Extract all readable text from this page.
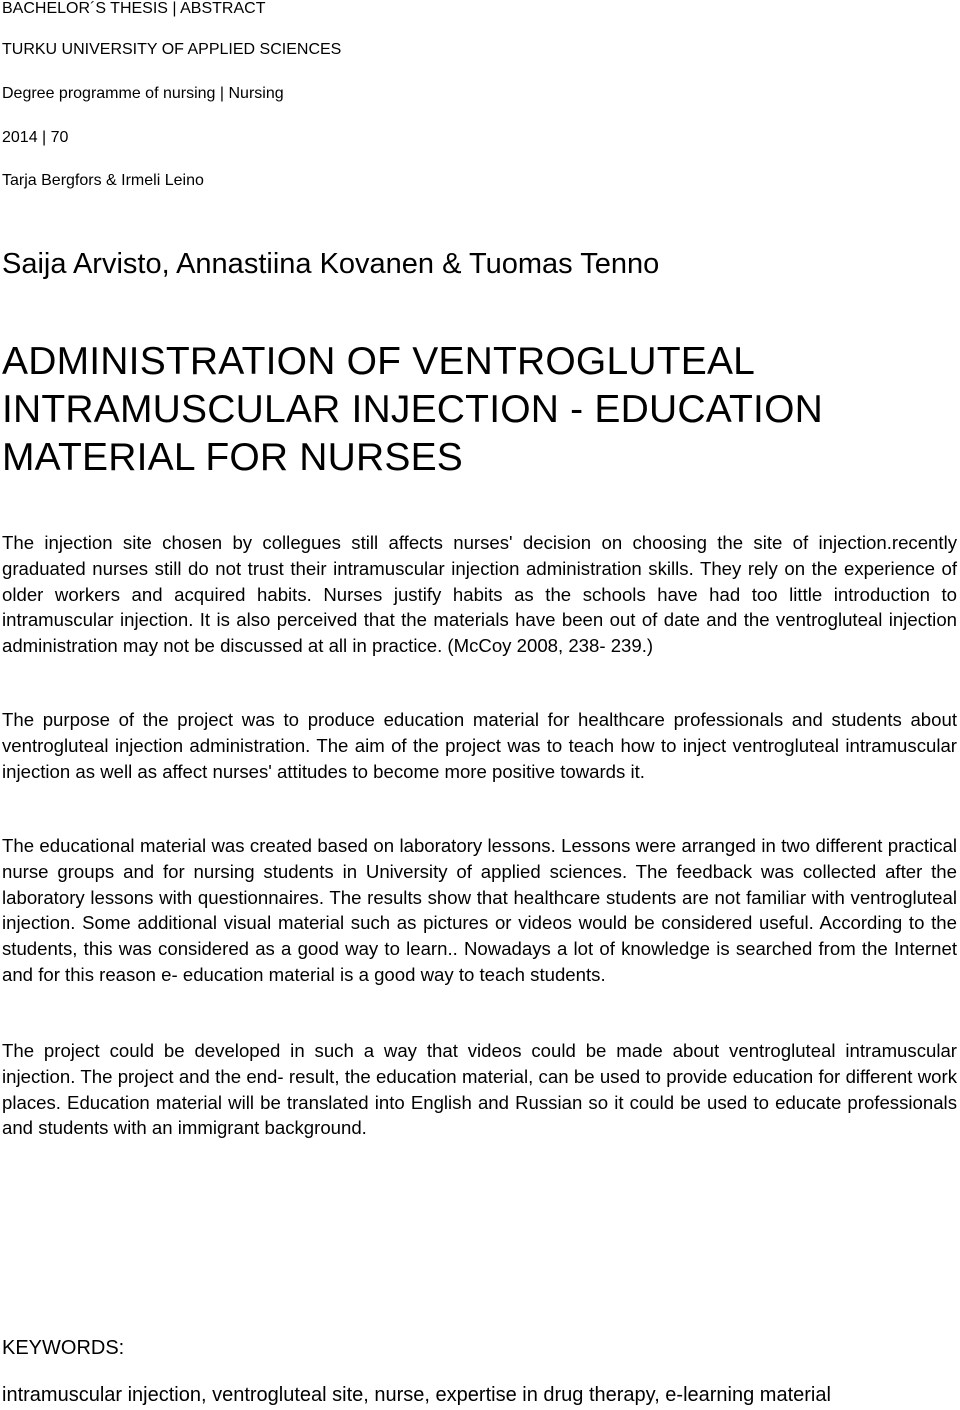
BACHELOR´S THESIS | ABSTRACT
TURKU UNIVERSITY OF APPLIED SCIENCES
Degree programme of nursing | Nursing
2014 | 70
Tarja Bergfors & Irmeli Leino
Saija Arvisto, Annastiina Kovanen & Tuomas Tenno
ADMINISTRATION OF VENTROGLUTEAL
INTRAMUSCULAR INJECTION - EDUCATION
MATERIAL FOR NURSES

The injection site chosen by collegues still affects nurses' decision on choosing the site of injection.recently graduated nurses still do not trust their intramuscular injection administration skills. They rely on the experience of older workers and acquired habits. Nurses justify habits as the schools have had too little introduction to intramuscular injection. It is also perceived that the materials have been out of date and the ventrogluteal injection administration may not be discussed at all in practice. (McCoy 2008, 238- 239.)

The purpose of the project was to produce education material for healthcare professionals and students about ventrogluteal injection administration. The aim of the project was to teach how to inject ventrogluteal intramuscular injection as well as affect nurses' attitudes to become more positive towards it.

The educational material was created based on laboratory lessons. Lessons were arranged in two different practical nurse groups and for nursing students in University of applied sciences. The feedback was collected after the laboratory lessons with questionnaires. The results show that healthcare students are not familiar with ventrogluteal injection. Some additional visual material such as pictures or videos would be considered useful. According to the students, this was considered as a good way to learn.. Nowadays a lot of knowledge is searched from the Internet and for this reason e- education material is a good way to teach students.

The project could be developed in such a way that videos could be made about ventrogluteal intramuscular injection. The project and the end- result, the education material, can be used to provide education for different work places. Education material will be translated into English and Russian so it could be used to educate professionals and students with an immigrant background.

KEYWORDS:
intramuscular injection, ventrogluteal site, nurse, expertise in drug therapy, e-learning material
